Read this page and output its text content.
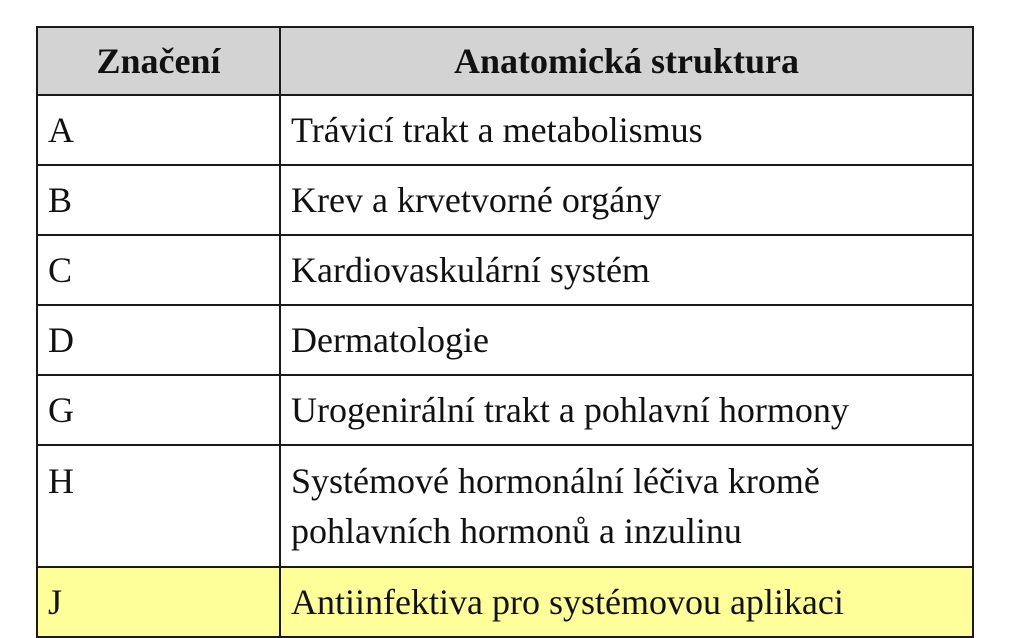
Značení	Anatomická struktura
A	Trávicí trakt a metabolismus
B	Krev a krvetvorné orgány
C	Kardiovaskulární systém
D	Dermatologie
G	Urogenirální trakt a pohlavní hormony
H	Systémové hormonální léčiva kromě pohlavních hormonů a inzulinu
J	Antiinfektiva pro systémovou aplikaci
